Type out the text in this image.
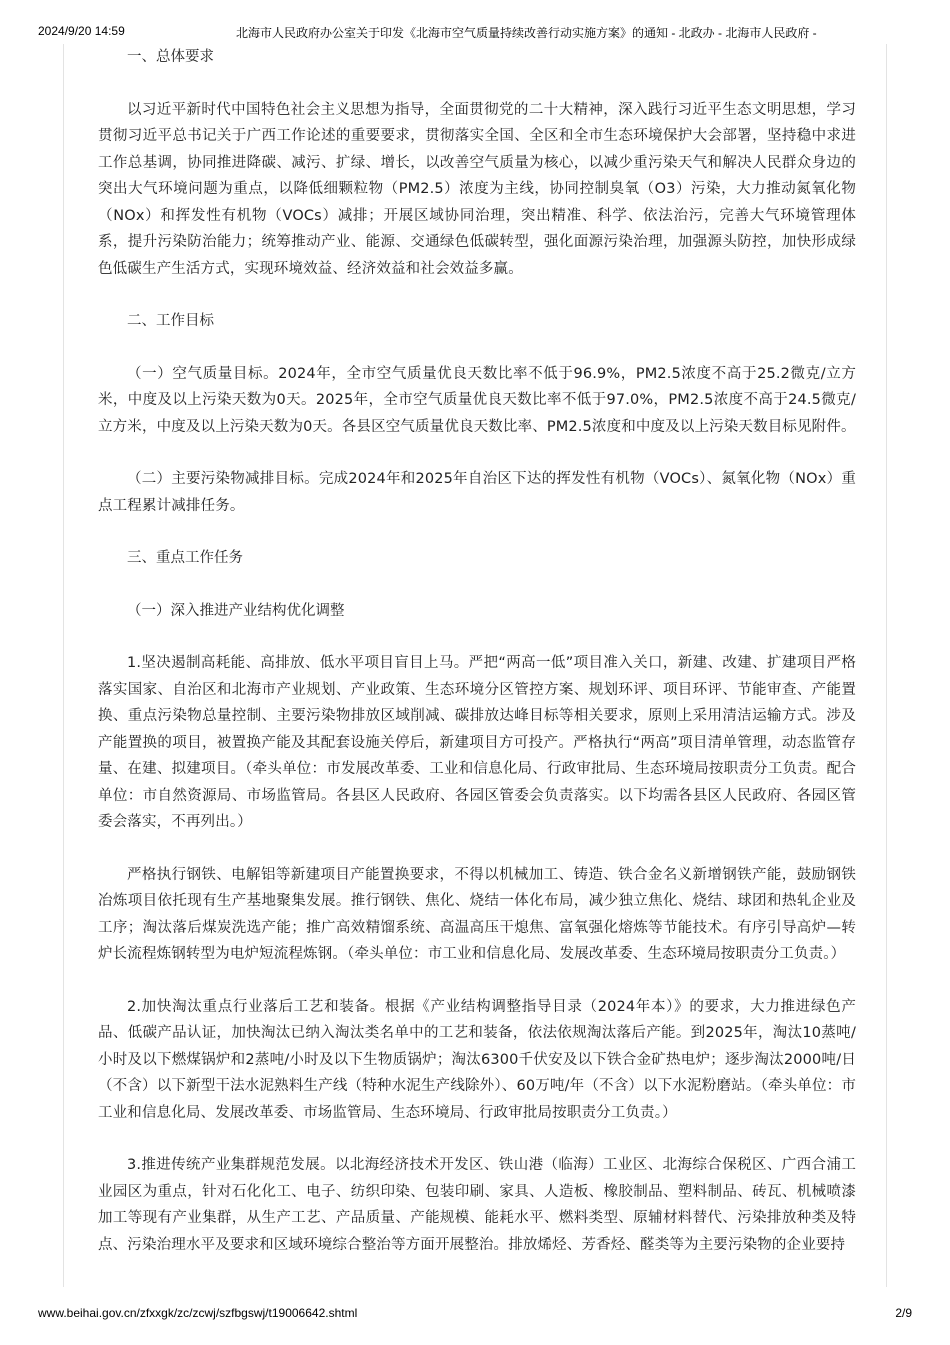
2024/9/20 14:59	北海市人民政府办公室关于印发《北海市空气质量持续改善行动实施方案》的通知 - 北政办 - 北海市人民政府 -
一、总体要求

以习近平新时代中国特色社会主义思想为指导，全面贯彻党的二十大精神，深入践行习近平生态文明思想，学习贯彻习近平总书记关于广西工作论述的重要要求，贯彻落实全国、全区和全市生态环境保护大会部署，坚持稳中求进工作总基调，协同推进降碳、减污、扩绿、增长，以改善空气质量为核心，以减少重污染天气和解决人民群众身边的突出大气环境问题为重点，以降低细颗粒物（PM2.5）浓度为主线，协同控制臭氧（O3）污染，大力推动氮氧化物（NOx）和挥发性有机物（VOCs）减排；开展区域协同治理，突出精准、科学、依法治污，完善大气环境管理体系，提升污染防治能力；统筹推动产业、能源、交通绿色低碳转型，强化面源污染治理，加强源头防控，加快形成绿色低碳生产生活方式，实现环境效益、经济效益和社会效益多赢。

二、工作目标

（一）空气质量目标。2024年，全市空气质量优良天数比率不低于96.9%，PM2.5浓度不高于25.2微克/立方米，中度及以上污染天数为0天。2025年，全市空气质量优良天数比率不低于97.0%，PM2.5浓度不高于24.5微克/立方米，中度及以上污染天数为0天。各县区空气质量优良天数比率、PM2.5浓度和中度及以上污染天数目标见附件。

（二）主要污染物减排目标。完成2024年和2025年自治区下达的挥发性有机物（VOCs）、氮氧化物（NOx）重点工程累计减排任务。

三、重点工作任务
（一）深入推进产业结构优化调整

1.坚决遏制高耗能、高排放、低水平项目盲目上马。严把“两高一低”项目准入关口，新建、改建、扩建项目严格落实国家、自治区和北海市产业规划、产业政策、生态环境分区管控方案、规划环评、项目环评、节能审查、产能置换、重点污染物总量控制、主要污染物排放区域削减、碳排放达峰目标等相关要求，原则上采用清洁运输方式。涉及产能置换的项目，被置换产能及其配套设施关停后，新建项目方可投产。严格执行“两高”项目清单管理，动态监管存量、在建、拟建项目。（牵头单位：市发展改革委、工业和信息化局、行政审批局、生态环境局按职责分工负责。配合单位：市自然资源局、市场监管局。各县区人民政府、各园区管委会负责落实。以下均需各县区人民政府、各园区管委会落实，不再列出。）

严格执行钢铁、电解铝等新建项目产能置换要求，不得以机械加工、铸造、铁合金名义新增钢铁产能，鼓励钢铁冶炼项目依托现有生产基地聚集发展。推行钢铁、焦化、烧结一体化布局，减少独立焦化、烧结、球团和热轧企业及工序；淘汰落后煤炭洗选产能；推广高效精馏系统、高温高压干熄焦、富氧强化熔炼等节能技术。有序引导高炉—转炉长流程炼钢转型为电炉短流程炼钢。（牵头单位：市工业和信息化局、发展改革委、生态环境局按职责分工负责。）

2.加快淘汰重点行业落后工艺和装备。根据《产业结构调整指导目录（2024年本）》的要求，大力推进绿色产品、低碳产品认证，加快淘汰已纳入淘汰类名单中的工艺和装备，依法依规淘汰落后产能。到2025年，淘汰10蒸吨/小时及以下燃煤锅炉和2蒸吨/小时及以下生物质锅炉；淘汰6300千伏安及以下铁合金矿热电炉；逐步淘汰2000吨/日（不含）以下新型干法水泥熟料生产线（特种水泥生产线除外）、60万吨/年（不含）以下水泥粉磨站。（牵头单位：市工业和信息化局、发展改革委、市场监管局、生态环境局、行政审批局按职责分工负责。）

3.推进传统产业集群规范发展。以北海经济技术开发区、铁山港（临海）工业区、北海综合保税区、广西合浦工业园区为重点，针对石化化工、电子、纺织印染、包装印刷、家具、人造板、橡胶制品、塑料制品、砖瓦、机械喷漆加工等现有产业集群，从生产工艺、产品质量、产能规模、能耗水平、燃料类型、原辅材料替代、污染排放种类及特点、污染治理水平及要求和区域环境综合整治等方面开展整治。排放烯烃、芳香烃、醛类等为主要污染物的企业要持

www.beihai.gov.cn/zfxxgk/zc/zcwj/szfbgswj/t19006642.shtml	2/9
